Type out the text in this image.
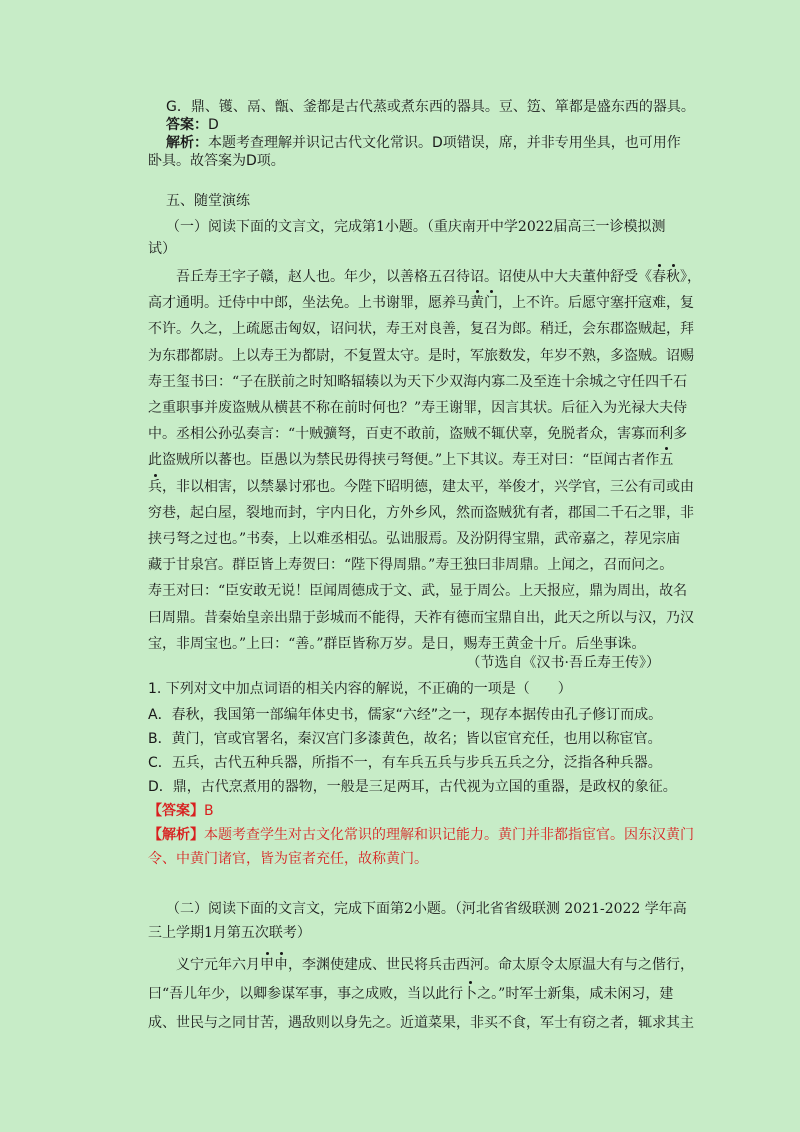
G．鼎、镬、鬲、甑、釜都是古代蒸或煮东西的器具。豆、笾、箪都是盛东西的器具。
答案：D
解析：本题考查理解并识记古代文化常识。D项错误，席，并非专用坐具，也可用作
卧具。故答案为D项。
五、随堂演练
（一）阅读下面的文言文，完成第1小题。（重庆南开中学2022届高三一诊模拟测
试）
吾丘寿王字子赣，赵人也。年少，以善格五召待诏。诏使从中大夫董仲舒受《春秋》，
高才通明。迁侍中中郎，坐法免。上书谢罪，愿养马黄门，上不许。后愿守塞扞寇难，复
不许。久之，上疏愿击匈奴，诏问状，寿王对良善，复召为郎。稍迁，会东郡盗贼起，拜
为东郡都尉。上以寿王为都尉，不复置太守。是时，军旅数发，年岁不熟，多盗贼。诏赐
寿王玺书曰：“子在朕前之时知略辐辏以为天下少双海内寡二及至连十余城之守任四千石
之重职事并废盗贼从横甚不称在前时何也？”寿王谢罪，因言其状。后征入为光禄大夫侍
中。丞相公孙弘奏言：“十贼彍弩，百吏不敢前，盗贼不辄伏辜，免脱者众，害寡而利多
此盗贼所以蕃也。臣愚以为禁民毋得挟弓弩便。”上下其议。寿王对曰：“臣闻古者作五
兵，非以相害，以禁暴讨邪也。今陛下昭明德，建太平，举俊才，兴学官，三公有司或由
穷巷，起白屋，裂地而封，宇内日化，方外乡风，然而盗贼犹有者，郡国二千石之罪，非
挟弓弩之过也。”书奏，上以难丞相弘。弘诎服焉。及汾阴得宝鼎，武帝嘉之，荐见宗庙
藏于甘泉宫。群臣皆上寿贺曰：“陛下得周鼎。”寿王独曰非周鼎。上闻之，召而问之。
寿王对曰：“臣安敢无说！臣闻周德成于文、武，显于周公。上天报应，鼎为周出，故名
曰周鼎。昔秦始皇亲出鼎于彭城而不能得，天祚有德而宝鼎自出，此天之所以与汉，乃汉
宝，非周宝也。”上曰：“善。”群臣皆称万岁。是日，赐寿王黄金十斤。后坐事诛。
（节选自《汉书·吾丘寿王传》）
1. 下列对文中加点词语的相关内容的解说，不正确的一项是（　　）
A．春秋，我国第一部编年体史书，儒家“六经”之一，现存本据传由孔子修订而成。
B．黄门，官或官署名，秦汉宫门多漆黄色，故名；皆以宦官充任，也用以称宦官。
C．五兵，古代五种兵器，所指不一，有车兵五兵与步兵五兵之分，泛指各种兵器。
D．鼎，古代烹煮用的器物，一般是三足两耳，古代视为立国的重器，是政权的象征。
【答案】B
【解析】本题考查学生对古文化常识的理解和识记能力。黄门并非都指宦官。因东汉黄门
令、中黄门诸官，皆为宦者充任，故称黄门。
（二）阅读下面的文言文，完成下面第2小题。（河北省省级联测 2021-2022 学年高
三上学期1月第五次联考）
义宁元年六月甲申，李渊使建成、世民将兵击西河。命太原令太原温大有与之偕行，
曰“吾儿年少，以卿参谋军事，事之成败，当以此行卜之。”时军士新集，咸未闲习，建
成、世民与之同甘苦，遇敌则以身先之。近道菜果，非买不食，军士有窃之者，辄求其主
